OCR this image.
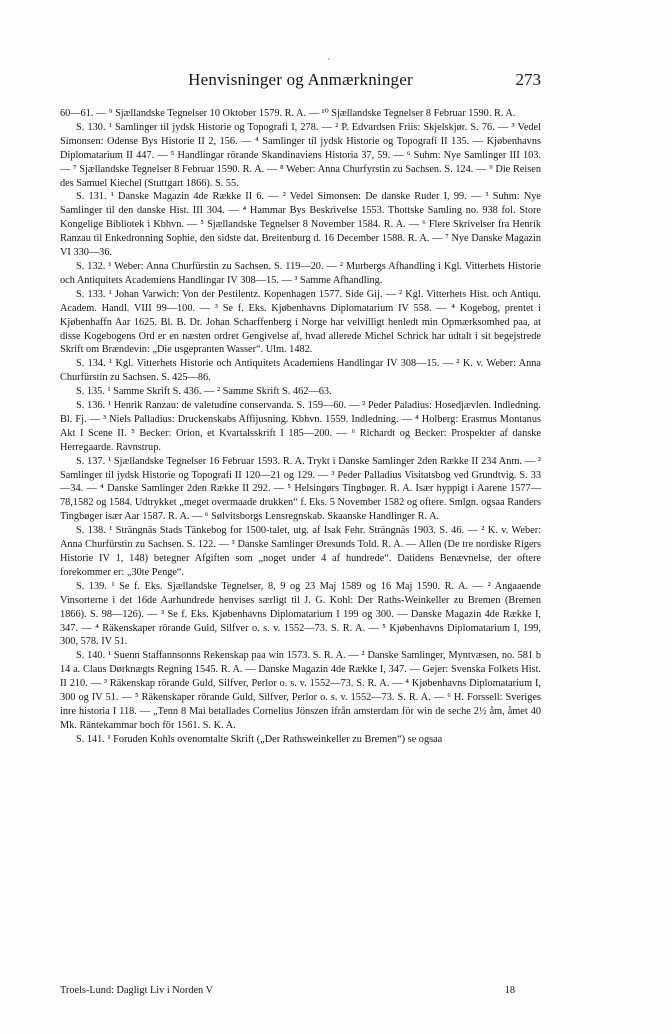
´
Henvisninger og Anmærkninger	273

60—61. — ⁹ Sjællandske Tegnelser 10 Oktober 1579. R. A. — ¹⁰ Sjællandske Tegnelser 8 Februar 1590. R. A.

S. 130. ¹ Samlinger til jydsk Historie og Topografi I, 278. — ² P. Edvardsen Friis: Skjelskjør. S. 76. — ³ Vedel Simonsen: Odense Bys Historie II 2, 156. — ⁴ Samlinger til jydsk Historie og Topografi II 135. — Kjøbenhavns Diplomatarium II 447. — ⁵ Handlingar rörande Skandinaviens Historia 37, 59. — ⁶ Suhm: Nye Samlinger III 103. — ⁷ Sjællandske Tegnelser 8 Februar 1590. R. A. — ⁸ Weber: Anna Churfyrstin zu Sachsen. S. 124. — ⁹ Die Reisen des Samuel Kiechel (Stuttgart 1866). S. 55.

S. 131. ¹ Danske Magazin 4de Række II 6. — ² Vedel Simonsen: De danske Ruder I, 99. — ³ Suhm: Nye Samlinger til den danske Hist. III 304. — ⁴ Hammar Bys Beskrivelse 1553. Thottske Samling no. 938 fol. Store Kongelige Bibliotek i Kbhvn. — ⁵ Sjællandske Tegnelser 8 November 1584. R. A. — ⁶ Flere Skrivelser fra Henrik Ranzau til Enkedronning Sophie, den sidste dat. Breitenburg d. 16 December 1588. R. A. — ⁷ Nye Danske Magazin VI 330—36.

S. 132. ¹ Weber: Anna Churfürstin zu Sachsen. S. 119—20. — ² Murbergs Afhandling i Kgl. Vitterhets Historie och Antiquitets Academiens Handlingar IV 308—15. — ³ Samme Afhandling.

S. 133. ¹ Johan Varwich: Von der Pestilentz. Kopenhagen 1577. Side Gij. — ² Kgl. Vitterhets Hist. och Antiqu. Academ. Handl. VIII 99—100. — ³ Se f. Eks. Kjøbenhavns Diplomatarium IV 558. — ⁴ Kogebog, prentet i Kjøbenhaffn Aar 1625. Bl. B. Dr. Johan Scharffenberg i Norge har velvilligt henledt min Opmærksomhed paa, at disse Kogebogens Ord er en næsten ordret Gengivelse af, hvad allerede Michel Schrick har udtalt i sit begejstrede Skrift om Brændevin: „Die usgepranten Wasser“. Ulm. 1482.

S. 134. ¹ Kgl. Vitterhets Historie och Antiquitets Academiens Handlingar IV 308—15. — ² K. v. Weber: Anna Churfürstin zu Sachsen. S. 425—86.

S. 135. ¹ Samme Skrift S. 436. — ² Samme Skrift S. 462—63.

S. 136. ¹ Henrik Ranzau: de valetudine conservanda. S. 159—60. — ² Peder Paladius: Hosedjævlen. Indledning. Bl. Fj. — ³ Niels Palladius: Druckenskabs Affijusning. Kbhvn. 1559. Indledning. — ⁴ Holberg: Erasmus Montanus Akt I Scene II. ⁵ Becker: Orion, et Kvartalsskrift I 185—200. — ⁶ Richardt og Becker: Prospekter af danske Herregaarde. Ravnstrup.

S. 137. ¹ Sjællandske Tegnelser 16 Februar 1593. R. A. Trykt i Danske Samlinger 2den Række II 234 Anm. — ² Samlinger til jydsk Historie og Topografi II 120—21 og 129. — ³ Peder Palladius Visitatsbog ved Grundtvig. S. 33—34. — ⁴ Danske Samlinger 2den Række II 292. — ⁵ Helsingørs Tingbøger. R. A. Især hyppigt i Aarene 1577—78,1582 og 1584. Udtrykket „meget overmaade drukken“ f. Eks. 5 November 1582 og oftere. Smlgn. ogsaa Randers Tingbøger især Aar 1587. R. A. — ⁶ Sølvitsborgs Lensregnskab. Skaanske Handlinger R. A.

S. 138. ¹ Strängnäs Stads Tänkebog for 1500-talet, utg. af Isak Fehr. Strängnäs 1903. S. 46. — ² K. v. Weber: Anna Churfürstin zu Sachsen. S. 122. — ³ Danske Samlinger Øresunds Told. R. A. — Allen (De tre nordiske Rigers Historie IV 1, 148) betegner Afgiften som „noget under 4 af hundrede“. Datidens Benævnelse, der oftere forekommer er: „30te Penge“.

S. 139. ¹ Se f. Eks. Sjællandske Tegnelser, 8, 9 og 23 Maj 1589 og 16 Maj 1590. R. A. — ² Angaaende Vinsorterne i det 16de Aarhundrede henvises særligt til J. G. Kohl: Der Raths-Weinkeller zu Bremen (Bremen 1866). S. 98—126). — ³ Se f. Eks. Kjøbenhavns Diplomatarium I 199 og 300. — Danske Magazin 4de Række I, 347. — ⁴ Räkenskaper rörande Guld, Silfver o. s. v. 1552—73. S. R. A. — ⁵ Kjøbenhavns Diplomatarium I, 199, 300, 578. IV 51.

S. 140. ¹ Suenn Staffannsonns Rekenskap paa win 1573. S. R. A. — ² Danske Samlinger, Myntvæsen, no. 581 b 14 a. Claus Dørknægts Regning 1545. R. A. — Danske Magazin 4de Række I, 347. — Gejer: Svenska Folkets Hist. II 210. — ³ Räkenskap rörande Guld, Silfver, Perlor o. s. v. 1552—73. S. R. A. — ⁴ Kjøbenhavns Diplomatarium I, 300 og IV 51. — ⁵ Räkenskaper rörande Guld, Silfver, Perlor o. s. v. 1552—73. S. R. A. — ⁶ H. Forssell: Sveriges inre historia I 118. — „Tenn 8 Mai betallades Cornelius Jönszen ifrån amsterdam för win de seche 2½ åm, åmet 40 Mk. Räntekammar boch för 1561. S. K. A.

S. 141. ¹ Foruden Kohls ovenomtalte Skrift („Der Rathsweinkeller zu Bremen“) se ogsaa

Troels-Lund: Dagligt Liv i Norden V	18
